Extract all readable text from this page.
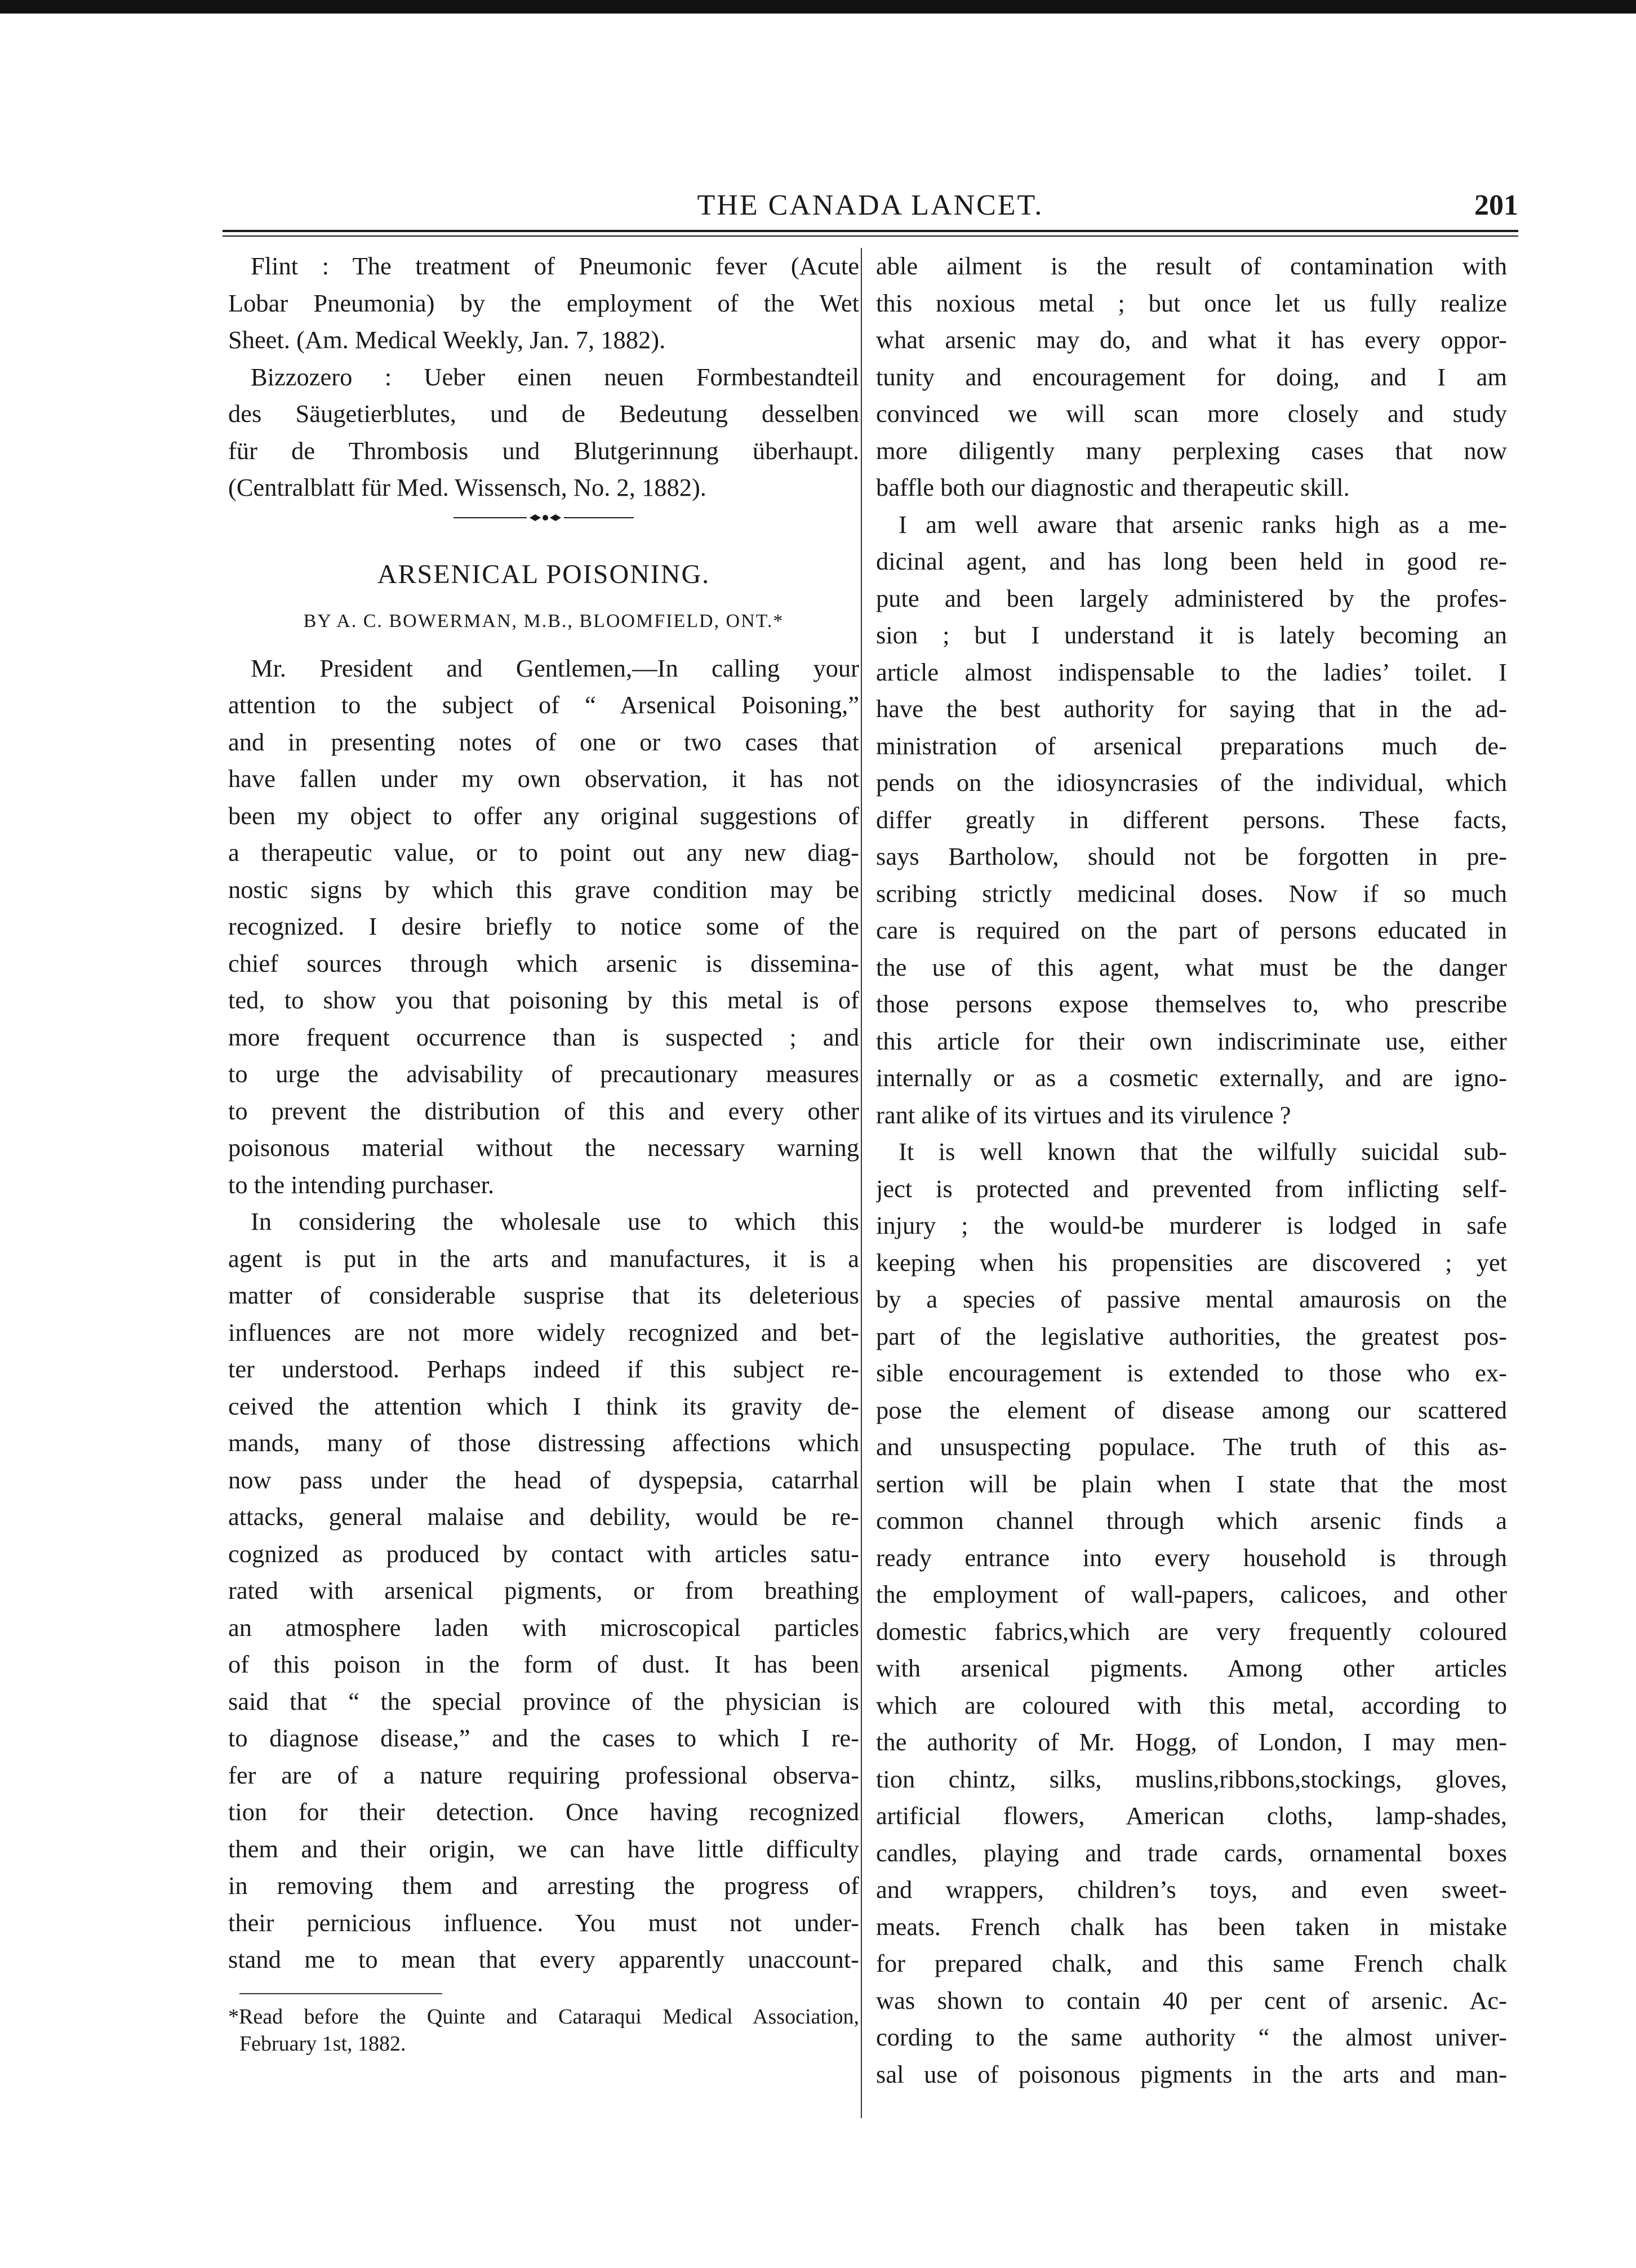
THE CANADA LANCET.	201
Flint : The treatment of Pneumonic fever (Acute
Lobar Pneumonia) by the employment of the Wet
Sheet. (Am. Medical Weekly, Jan. 7, 1882).
Bizzozero : Ueber einen neuen Formbestandteil
des Säugetierblutes, und de Bedeutung desselben
für de Thrombosis und Blutgerinnung überhaupt.
(Centralblatt für Med. Wissensch, No. 2, 1882).
ARSENICAL POISONING.
BY A. C. BOWERMAN, M.B., BLOOMFIELD, ONT.*
Mr. President and Gentlemen,—In calling your
attention to the subject of “ Arsenical Poisoning,”
and in presenting notes of one or two cases that
have fallen under my own observation, it has not
been my object to offer any original suggestions of
a therapeutic value, or to point out any new diag-
nostic signs by which this grave condition may be
recognized. I desire briefly to notice some of the
chief sources through which arsenic is dissemina-
ted, to show you that poisoning by this metal is of
more frequent occurrence than is suspected ; and
to urge the advisability of precautionary measures
to prevent the distribution of this and every other
poisonous material without the necessary warning
to the intending purchaser.
In considering the wholesale use to which this
agent is put in the arts and manufactures, it is a
matter of considerable susprise that its deleterious
influences are not more widely recognized and bet-
ter understood. Perhaps indeed if this subject re-
ceived the attention which I think its gravity de-
mands, many of those distressing affections which
now pass under the head of dyspepsia, catarrhal
attacks, general malaise and debility, would be re-
cognized as produced by contact with articles satu-
rated with arsenical pigments, or from breathing
an atmosphere laden with microscopical particles
of this poison in the form of dust. It has been
said that “ the special province of the physician is
to diagnose disease,” and the cases to which I re-
fer are of a nature requiring professional observa-
tion for their detection. Once having recognized
them and their origin, we can have little difficulty
in removing them and arresting the progress of
their pernicious influence. You must not under-
stand me to mean that every apparently unaccount-
*Read before the Quinte and Cataraqui Medical Association,
February 1st, 1882.
able ailment is the result of contamination with
this noxious metal ; but once let us fully realize
what arsenic may do, and what it has every oppor-
tunity and encouragement for doing, and I am
convinced we will scan more closely and study
more diligently many perplexing cases that now
baffle both our diagnostic and therapeutic skill.
I am well aware that arsenic ranks high as a me-
dicinal agent, and has long been held in good re-
pute and been largely administered by the profes-
sion ; but I understand it is lately becoming an
article almost indispensable to the ladies’ toilet. I
have the best authority for saying that in the ad-
ministration of arsenical preparations much de-
pends on the idiosyncrasies of the individual, which
differ greatly in different persons. These facts,
says Bartholow, should not be forgotten in pre-
scribing strictly medicinal doses. Now if so much
care is required on the part of persons educated in
the use of this agent, what must be the danger
those persons expose themselves to, who prescribe
this article for their own indiscriminate use, either
internally or as a cosmetic externally, and are igno-
rant alike of its virtues and its virulence ?
It is well known that the wilfully suicidal sub-
ject is protected and prevented from inflicting self-
injury ; the would-be murderer is lodged in safe
keeping when his propensities are discovered ; yet
by a species of passive mental amaurosis on the
part of the legislative authorities, the greatest pos-
sible encouragement is extended to those who ex-
pose the element of disease among our scattered
and unsuspecting populace. The truth of this as-
sertion will be plain when I state that the most
common channel through which arsenic finds a
ready entrance into every household is through
the employment of wall-papers, calicoes, and other
domestic fabrics,which are very frequently coloured
with arsenical pigments. Among other articles
which are coloured with this metal, according to
the authority of Mr. Hogg, of London, I may men-
tion chintz, silks, muslins,ribbons,stockings, gloves,
artificial flowers, American cloths, lamp-shades,
candles, playing and trade cards, ornamental boxes
and wrappers, children’s toys, and even sweet-
meats. French chalk has been taken in mistake
for prepared chalk, and this same French chalk
was shown to contain 40 per cent of arsenic. Ac-
cording to the same authority “ the almost univer-
sal use of poisonous pigments in the arts and man-
